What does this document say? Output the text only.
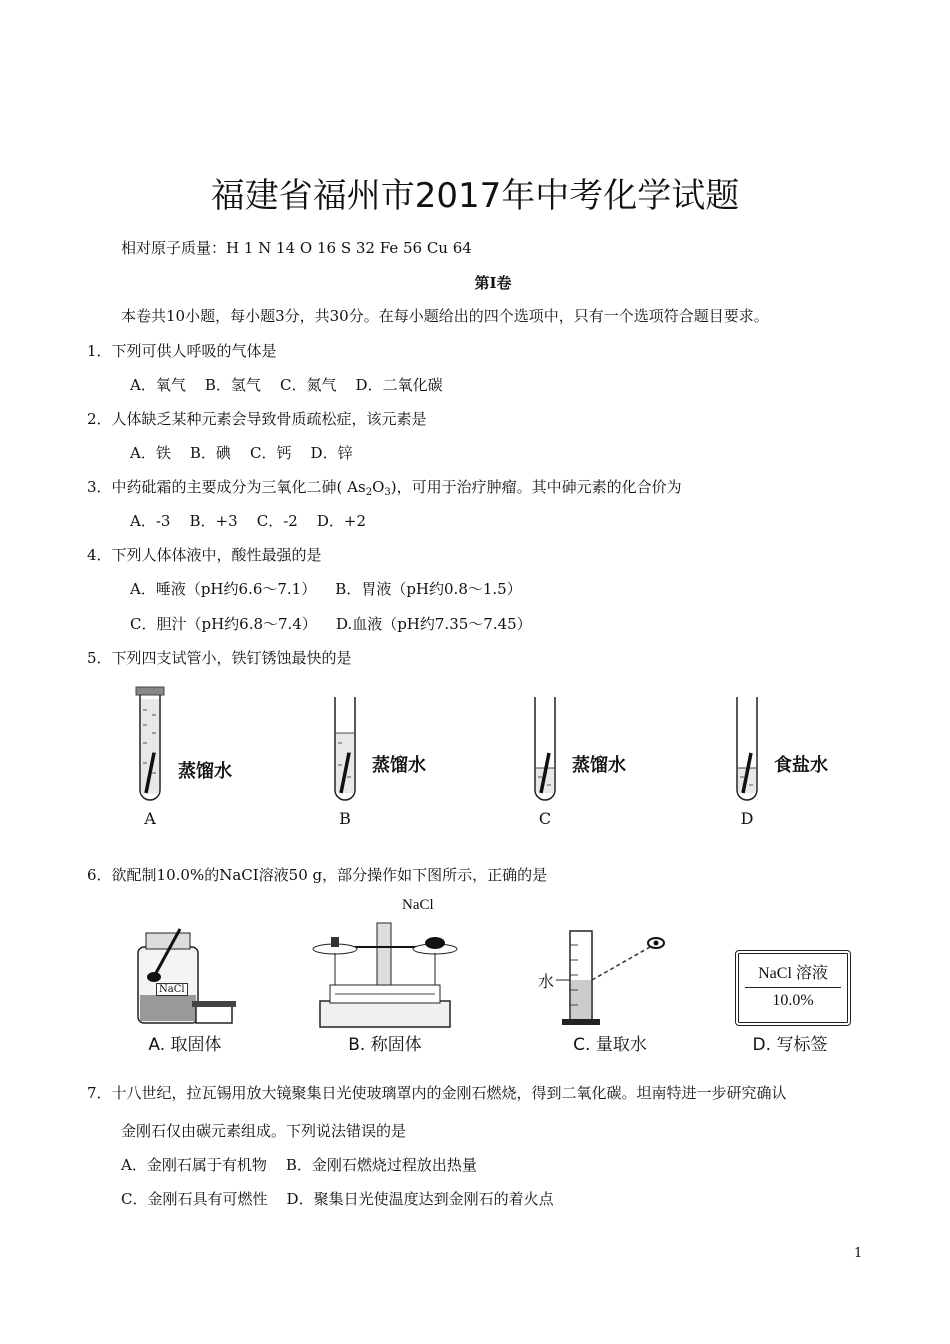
福建省福州市2017年中考化学试题
相对原子质量：H 1 N 14 O 16 S 32 Fe 56 Cu 64
第I卷
本卷共10小题，每小题3分，共30分。在每小题给出的四个选项中，只有一个选项符合题目要求。
1．下列可供人呼吸的气体是
A．氧气    B．氢气    C．氮气    D．二氧化碳
2．人体缺乏某种元素会导致骨质疏松症，该元素是
A．铁    B．碘    C．钙    D．锌
3．中药砒霜的主要成分为三氧化二砷( $As_2O_3$)，可用于治疗肿瘤。其中砷元素的化合价为
A．-3    B．+3    C．-2    D．+2
4．下列人体体液中，酸性最强的是
A．唾液（pH约6.6～7.1）    B．胃液（pH约0.8～1.5）
C．胆汁（pH约6.8～7.4）    D.血液（pH约7.35～7.45）
5．下列四支试管小，铁钉锈蚀最快的是
蒸馏水
A
蒸馏水
B
蒸馏水
C
食盐水
D
6．欲配制10.0%的NaCI溶液50 g，部分操作如下图所示，正确的是
NaCl
A. 取固体
NaCl
B. 称固体
水
C. 量取水
NaCl 溶液
10.0%
D. 写标签
7．十八世纪，拉瓦锡用放大镜聚集日光使玻璃罩内的金刚石燃烧，得到二氧化碳。坦南特进一步研究确认
金刚石仅由碳元素组成。下列说法错误的是
A．金刚石属于有机物    B．金刚石燃烧过程放出热量
C．金刚石具有可燃性    D．聚集日光使温度达到金刚石的着火点
1
